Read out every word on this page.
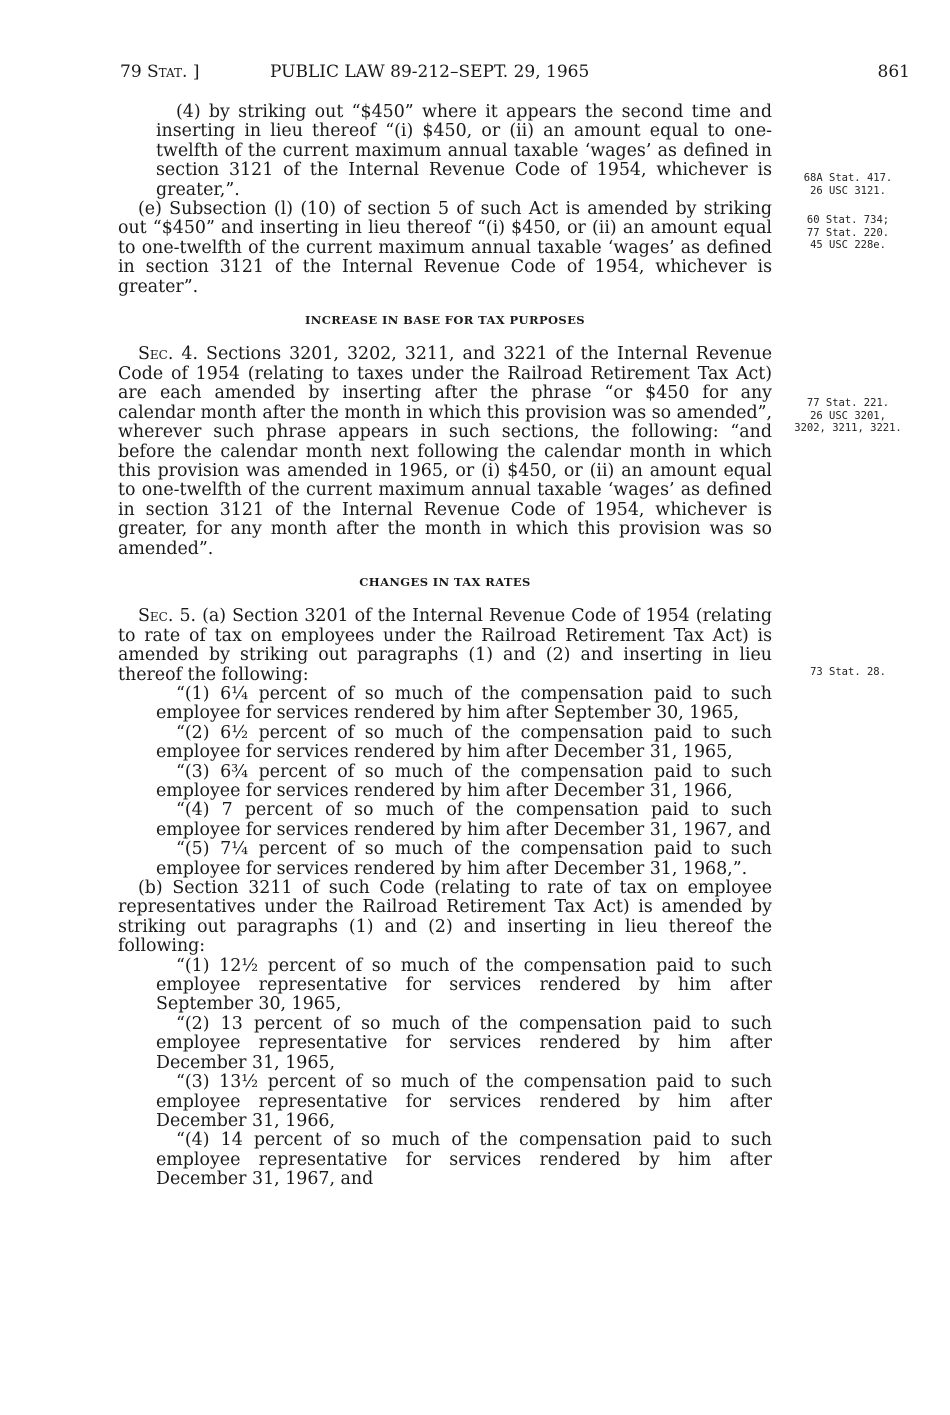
79 Stat. ]	PUBLIC LAW 89-212–SEPT. 29, 1965	861

(4) by striking out “$450” where it appears the second time and inserting in lieu thereof “(i) $450, or (ii) an amount equal to one-twelfth of the current maximum annual taxable ‘wages’ as defined in section 3121 of the Internal Revenue Code of 1954, whichever is greater,”.

(e) Subsection (l) (10) of section 5 of such Act is amended by striking out “$450” and inserting in lieu thereof “(i) $450, or (ii) an amount equal to one-twelfth of the current maximum annual taxable ‘wages’ as defined in section 3121 of the Internal Revenue Code of 1954, whichever is greater”.

INCREASE IN BASE FOR TAX PURPOSES

Sec. 4. Sections 3201, 3202, 3211, and 3221 of the Internal Revenue Code of 1954 (relating to taxes under the Railroad Retirement Tax Act) are each amended by inserting after the phrase “or $450 for any calendar month after the month in which this provision was so amended”, wherever such phrase appears in such sections, the following: “and before the calendar month next following the calendar month in which this provision was amended in 1965, or (i) $450, or (ii) an amount equal to one-twelfth of the current maximum annual taxable ‘wages’ as defined in section 3121 of the Internal Revenue Code of 1954, whichever is greater, for any month after the month in which this provision was so amended”.

CHANGES IN TAX RATES

Sec. 5. (a) Section 3201 of the Internal Revenue Code of 1954 (relating to rate of tax on employees under the Railroad Retirement Tax Act) is amended by striking out paragraphs (1) and (2) and inserting in lieu thereof the following:

“(1) 6¼ percent of so much of the compensation paid to such employee for services rendered by him after September 30, 1965,

“(2) 6½ percent of so much of the compensation paid to such employee for services rendered by him after December 31, 1965,

“(3) 6¾ percent of so much of the compensation paid to such employee for services rendered by him after December 31, 1966,

“(4) 7 percent of so much of the compensation paid to such employee for services rendered by him after December 31, 1967, and

“(5) 7¼ percent of so much of the compensation paid to such employee for services rendered by him after December 31, 1968,”.

(b) Section 3211 of such Code (relating to rate of tax on employee representatives under the Railroad Retirement Tax Act) is amended by striking out paragraphs (1) and (2) and inserting in lieu thereof the following:

“(1) 12½ percent of so much of the compensation paid to such employee representative for services rendered by him after September 30, 1965,

“(2) 13 percent of so much of the compensation paid to such employee representative for services rendered by him after December 31, 1965,

“(3) 13½ percent of so much of the compensation paid to such employee representative for services rendered by him after December 31, 1966,

“(4) 14 percent of so much of the compensation paid to such employee representative for services rendered by him after December 31, 1967, and

68A Stat. 417.
26 USC 3121.
60 Stat. 734;
77 Stat. 220.
45 USC 228e.
77 Stat. 221.
26 USC 3201,
3202, 3211, 3221.
73 Stat. 28.
